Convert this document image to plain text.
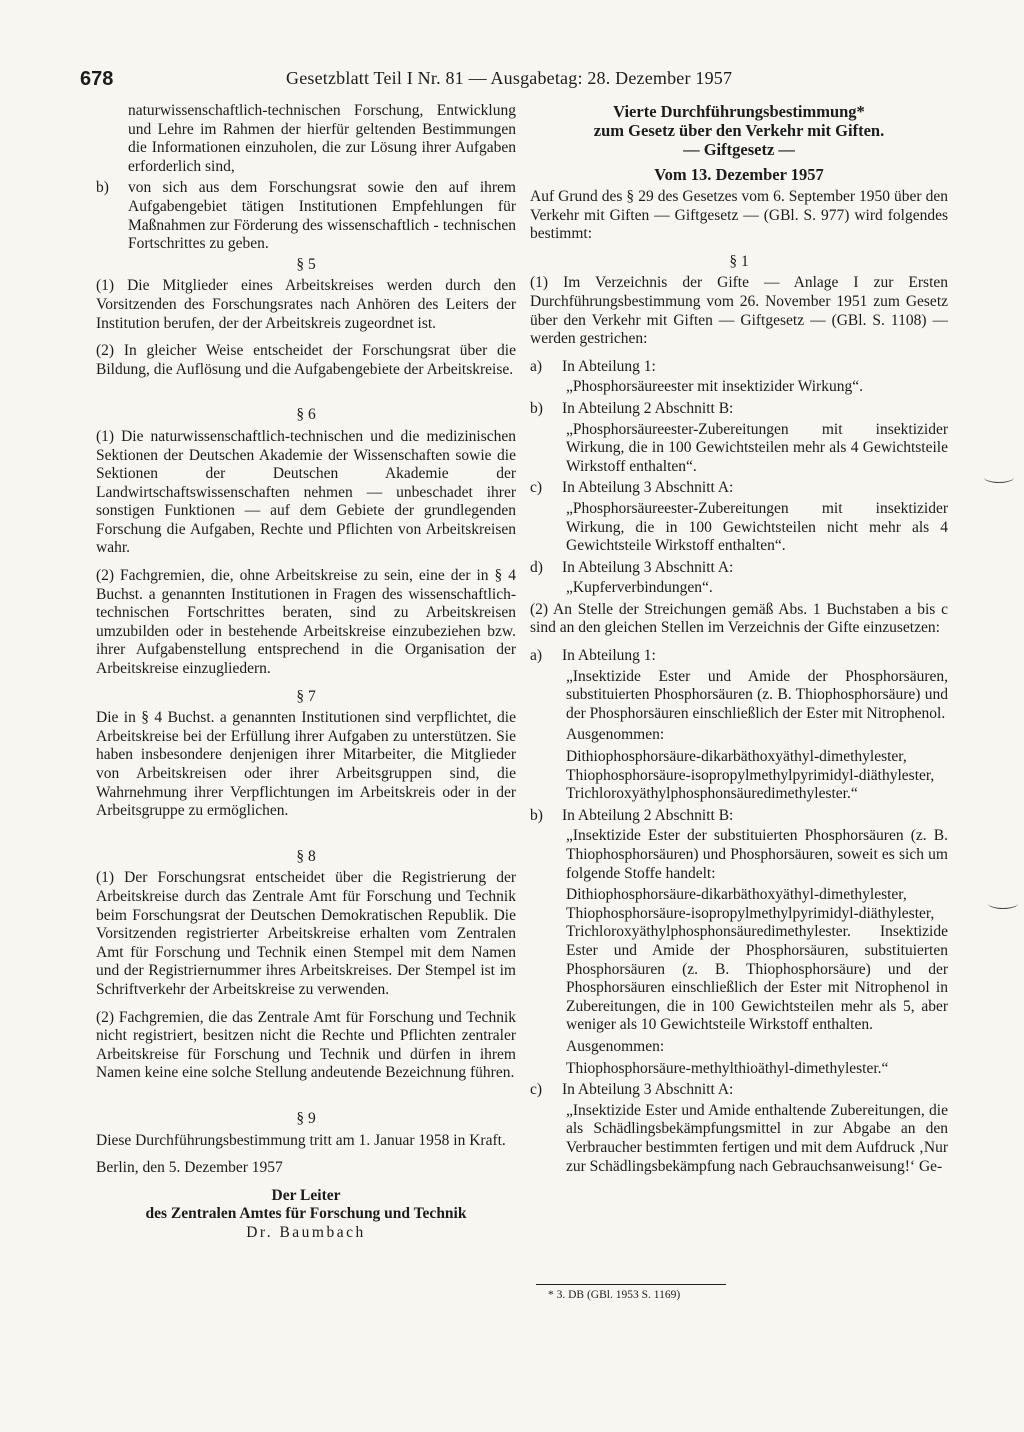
678	Gesetzblatt Teil I Nr. 81 — Ausgabetag: 28. Dezember 1957

naturwissenschaftlich-technischen Forschung, Entwicklung und Lehre im Rahmen der hierfür geltenden Bestimmungen die Informationen einzuholen, die zur Lösung ihrer Aufgaben erforderlich sind,

b) von sich aus dem Forschungsrat sowie den auf ihrem Aufgabengebiet tätigen Institutionen Empfehlungen für Maßnahmen zur Förderung des wissenschaftlich - technischen Fortschrittes zu geben.
§ 5

(1) Die Mitglieder eines Arbeitskreises werden durch den Vorsitzenden des Forschungsrates nach Anhören des Leiters der Institution berufen, der der Arbeitskreis zugeordnet ist.

(2) In gleicher Weise entscheidet der Forschungsrat über die Bildung, die Auflösung und die Aufgabengebiete der Arbeitskreise.

§ 6

(1) Die naturwissenschaftlich-technischen und die medizinischen Sektionen der Deutschen Akademie der Wissenschaften sowie die Sektionen der Deutschen Akademie der Landwirtschaftswissenschaften nehmen — unbeschadet ihrer sonstigen Funktionen — auf dem Gebiete der grundlegenden Forschung die Aufgaben, Rechte und Pflichten von Arbeitskreisen wahr.

(2) Fachgremien, die, ohne Arbeitskreise zu sein, eine der in § 4 Buchst. a genannten Institutionen in Fragen des wissenschaftlich-technischen Fortschrittes beraten, sind zu Arbeitskreisen umzubilden oder in bestehende Arbeitskreise einzubeziehen bzw. ihrer Aufgabenstellung entsprechend in die Organisation der Arbeitskreise einzugliedern.

§ 7

Die in § 4 Buchst. a genannten Institutionen sind verpflichtet, die Arbeitskreise bei der Erfüllung ihrer Aufgaben zu unterstützen. Sie haben insbesondere denjenigen ihrer Mitarbeiter, die Mitglieder von Arbeitskreisen oder ihrer Arbeitsgruppen sind, die Wahrnehmung ihrer Verpflichtungen im Arbeitskreis oder in der Arbeitsgruppe zu ermöglichen.

§ 8

(1) Der Forschungsrat entscheidet über die Registrierung der Arbeitskreise durch das Zentrale Amt für Forschung und Technik beim Forschungsrat der Deutschen Demokratischen Republik. Die Vorsitzenden registrierter Arbeitskreise erhalten vom Zentralen Amt für Forschung und Technik einen Stempel mit dem Namen und der Registriernummer ihres Arbeitskreises. Der Stempel ist im Schriftverkehr der Arbeitskreise zu verwenden.

(2) Fachgremien, die das Zentrale Amt für Forschung und Technik nicht registriert, besitzen nicht die Rechte und Pflichten zentraler Arbeitskreise für Forschung und Technik und dürfen in ihrem Namen keine eine solche Stellung andeutende Bezeichnung führen.

§ 9

Diese Durchführungsbestimmung tritt am 1. Januar 1958 in Kraft.

Berlin, den 5. Dezember 1957

Der Leiter
des Zentralen Amtes für Forschung und Technik
Dr. Baumbach
Vierte Durchführungsbestimmung*
zum Gesetz über den Verkehr mit Giften.
— Giftgesetz —
Vom 13. Dezember 1957

Auf Grund des § 29 des Gesetzes vom 6. September 1950 über den Verkehr mit Giften — Giftgesetz — (GBl. S. 977) wird folgendes bestimmt:

§ 1

(1) Im Verzeichnis der Gifte — Anlage I zur Ersten Durchführungsbestimmung vom 26. November 1951 zum Gesetz über den Verkehr mit Giften — Giftgesetz — (GBl. S. 1108) — werden gestrichen:

a) In Abteilung 1:
„Phosphorsäureester mit insektizider Wirkung“.
b) In Abteilung 2 Abschnitt B:
„Phosphorsäureester-Zubereitungen mit insektizider Wirkung, die in 100 Gewichtsteilen mehr als 4 Gewichtsteile Wirkstoff enthalten“.
c) In Abteilung 3 Abschnitt A:
„Phosphorsäureester-Zubereitungen mit insektizider Wirkung, die in 100 Gewichtsteilen nicht mehr als 4 Gewichtsteile Wirkstoff enthalten“.
d) In Abteilung 3 Abschnitt A:
„Kupferverbindungen“.

(2) An Stelle der Streichungen gemäß Abs. 1 Buchstaben a bis c sind an den gleichen Stellen im Verzeichnis der Gifte einzusetzen:

a) In Abteilung 1:
„Insektizide Ester und Amide der Phosphorsäuren, substituierten Phosphorsäuren (z. B. Thiophosphorsäure) und der Phosphorsäuren einschließlich der Ester mit Nitrophenol.
Ausgenommen:
Dithiophosphorsäure-dikarbäthoxyäthyl-dimethylester, Thiophosphorsäure-isopropylmethylpyrimidyl-diäthylester, Trichloroxyäthylphosphonsäuredimethylester.“
b) In Abteilung 2 Abschnitt B:
„Insektizide Ester der substituierten Phosphorsäuren (z. B. Thiophosphorsäuren) und Phosphorsäuren, soweit es sich um folgende Stoffe handelt:
Dithiophosphorsäure-dikarbäthoxyäthyl-dimethylester, Thiophosphorsäure-isopropylmethylpyrimidyl-diäthylester, Trichloroxyäthylphosphonsäuredimethylester. Insektizide Ester und Amide der Phosphorsäuren, substituierten Phosphorsäuren (z. B. Thiophosphorsäure) und der Phosphorsäuren einschließlich der Ester mit Nitrophenol in Zubereitungen, die in 100 Gewichtsteilen mehr als 5, aber weniger als 10 Gewichtsteile Wirkstoff enthalten.
Ausgenommen:
Thiophosphorsäure-methylthioäthyl-dimethylester.“
c) In Abteilung 3 Abschnitt A:
„Insektizide Ester und Amide enthaltende Zubereitungen, die als Schädlingsbekämpfungsmittel in zur Abgabe an den Verbraucher bestimmten fertigen und mit dem Aufdruck ‚Nur zur Schädlingsbekämpfung nach Gebrauchsanweisung!‘ Ge-
* 3. DB (GBl. 1953 S. 1169)
